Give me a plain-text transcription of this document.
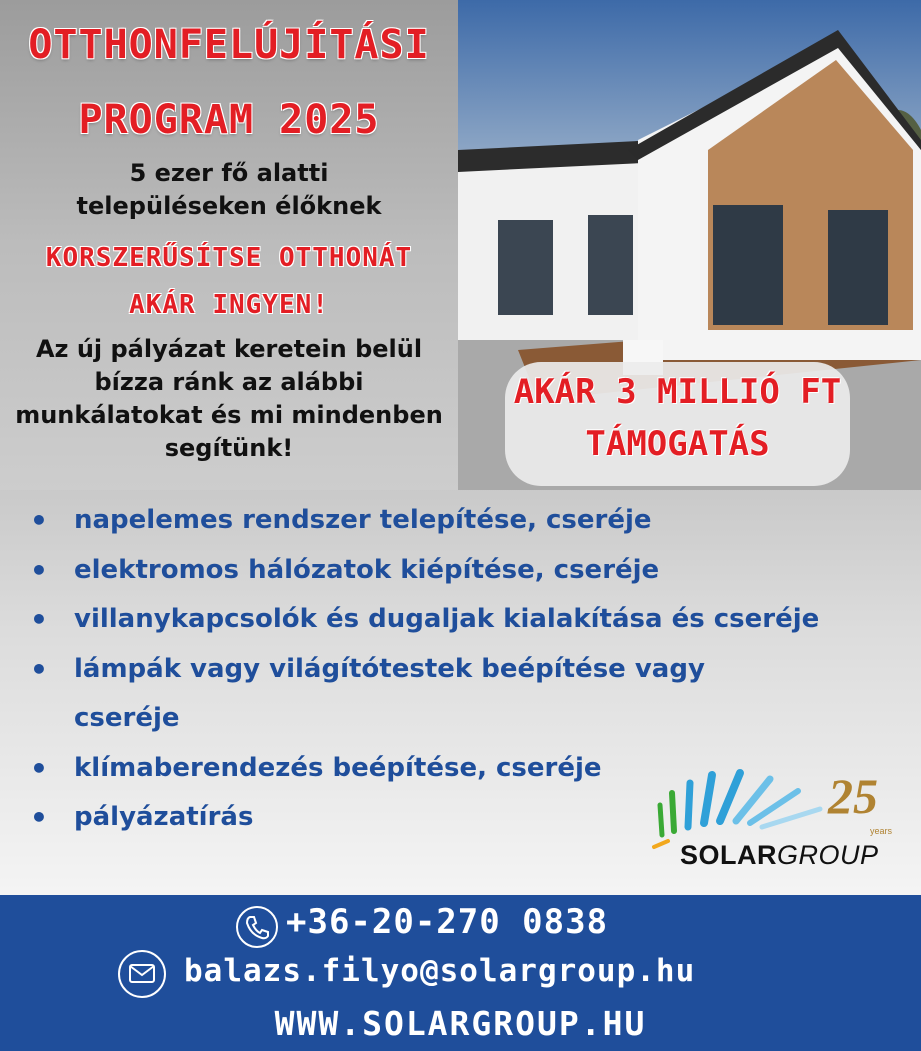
OTTHONFELÚJÍTÁSI
PROGRAM 2025
5 ezer fő alatti településeken élőknek
KORSZERŰSÍTSE OTTHONÁT
AKÁR INGYEN!
Az új pályázat keretein belül bízza ránk az alábbi munkálatokat és mi mindenben segítünk!
AKÁR 3 MILLIÓ FT
TÁMOGATÁS
• napelemes rendszer telepítése, cseréje
• elektromos hálózatok kiépítése, cseréje
• villanykapcsolók és dugaljak kialakítása és cseréje
• lámpák vagy világítótestek beépítése vagy cseréje
• klímaberendezés beépítése, cseréje
• pályázatírás	25
years
SOLARGROUP
+36-20-270 0838
balazs.filyo@solargroup.hu
WWW.SOLARGROUP.HU
